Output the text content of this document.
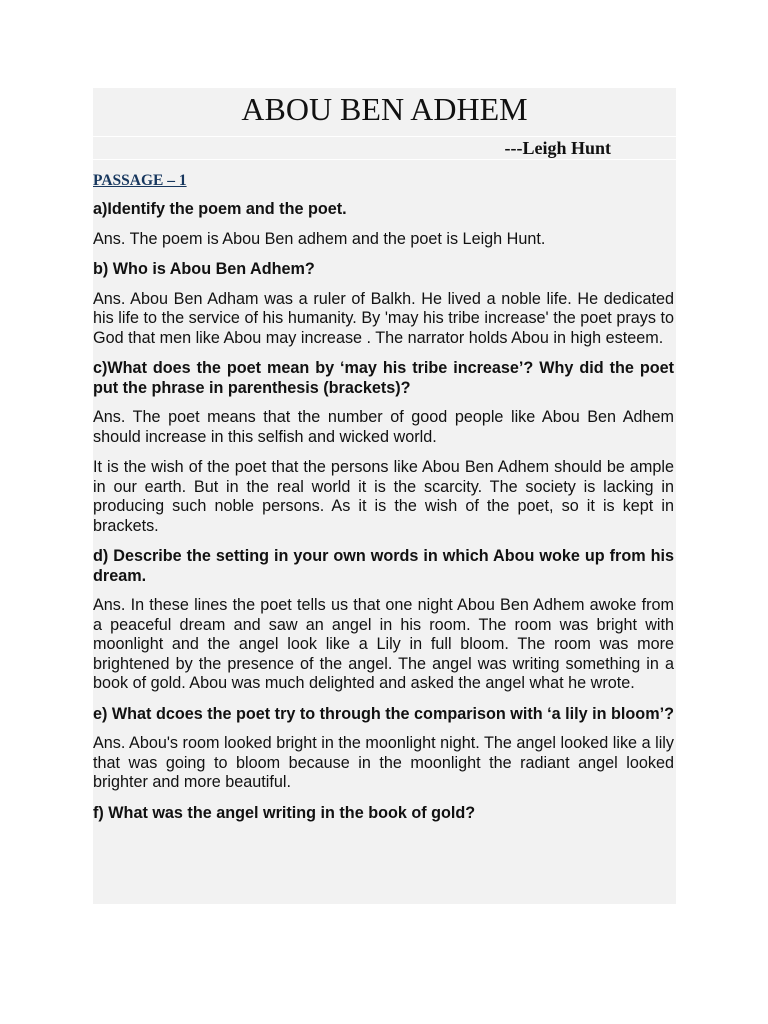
ABOU BEN ADHEM
---Leigh Hunt
PASSAGE – 1
a)Identify the poem and the poet.
Ans. The poem is Abou Ben adhem and the poet is Leigh Hunt.
b) Who is Abou Ben Adhem?
Ans. Abou Ben Adham was a ruler of Balkh. He lived a noble life. He dedicated his life to the service of his humanity. By 'may his tribe increase' the poet prays to God that men like Abou may increase . The narrator holds Abou in high esteem.
c)What does the poet mean by ‘may his tribe increase’? Why did the poet put the phrase in parenthesis (brackets)?
Ans. The poet means that the number of good people like Abou Ben Adhem should increase in this selfish and wicked world.
It is the wish of the poet that the persons like Abou Ben Adhem should be ample in our earth. But in the real world it is the scarcity. The society is lacking in producing such noble persons. As it is the wish of the poet, so it is kept in brackets.
d) Describe the setting in your own words in which Abou woke up from his dream.
Ans. In these lines the poet tells us that one night Abou Ben Adhem awoke from a peaceful dream and saw an angel in his room. The room was bright with moonlight and the angel look like a Lily in full bloom. The room was more brightened by the presence of the angel. The angel was writing something in a book of gold. Abou was much delighted and asked the angel what he wrote.
e) What dcoes the poet try to through the comparison with ‘a lily in bloom’?
Ans. Abou's room looked bright in the moonlight night. The angel looked like a lily that was going to bloom because in the moonlight the radiant angel looked brighter and more beautiful.
f) What was the angel writing in the book of gold?
